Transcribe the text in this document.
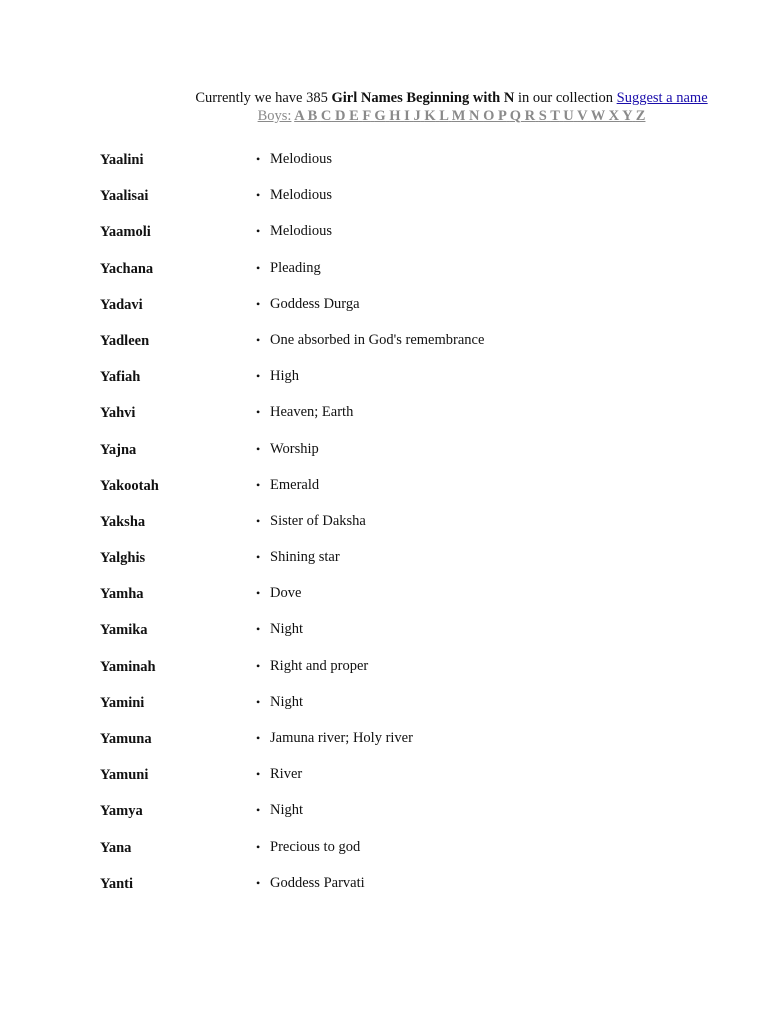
Currently we have 385 Girl Names Beginning with N in our collection Suggest a name
Boys: A B C D E F G H I J K L M N O P Q R S T U V W X Y Z
Yaalini	• Melodious
Yaalisai	• Melodious
Yaamoli	• Melodious
Yachana	• Pleading
Yadavi	• Goddess Durga
Yadleen	• One absorbed in God's remembrance
Yafiah	• High
Yahvi	• Heaven; Earth
Yajna	• Worship
Yakootah	• Emerald
Yaksha	• Sister of Daksha
Yalghis	• Shining star
Yamha	• Dove
Yamika	• Night
Yaminah	• Right and proper
Yamini	• Night
Yamuna	• Jamuna river; Holy river
Yamuni	• River
Yamya	• Night
Yana	• Precious to god
Yanti	• Goddess Parvati
